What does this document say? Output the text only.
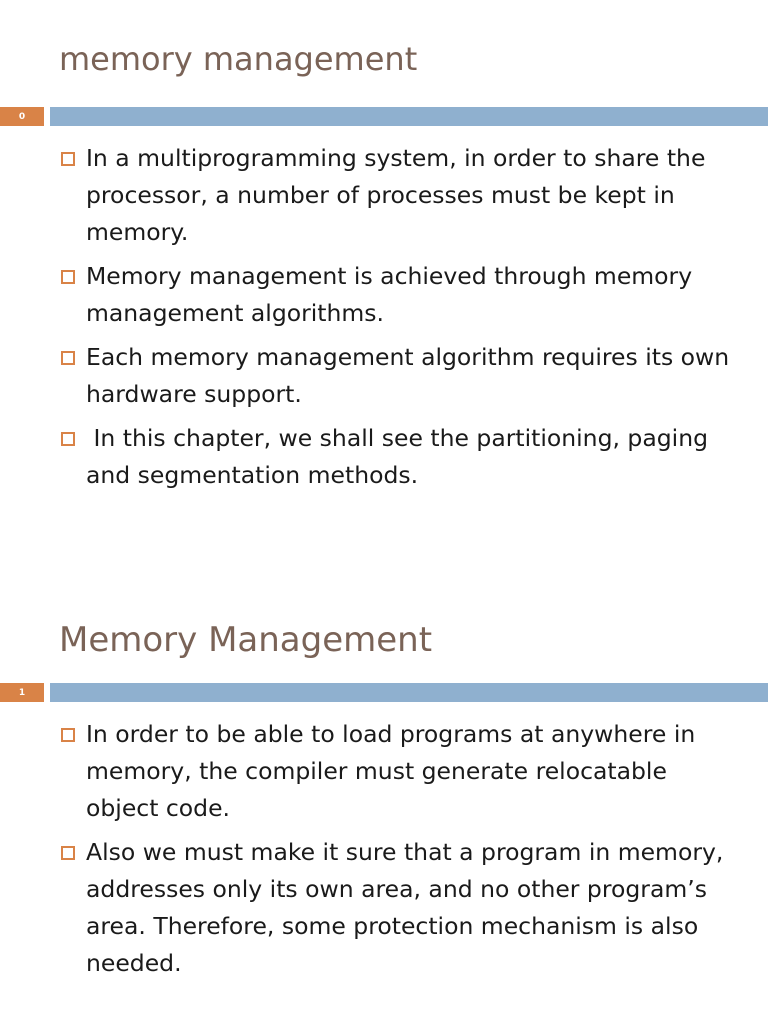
memory management
0
In a multiprogramming system, in order to share the processor, a number of processes must be kept in memory.
Memory management is achieved through memory management algorithms.
Each memory management algorithm requires its own hardware support.
In this chapter, we shall see the partitioning, paging and segmentation methods.
Memory Management
1
In order to be able to load programs at anywhere in memory, the compiler must generate relocatable object code.
Also we must make it sure that a program in memory, addresses only its own area, and no other program’s area. Therefore, some protection mechanism is also needed.
